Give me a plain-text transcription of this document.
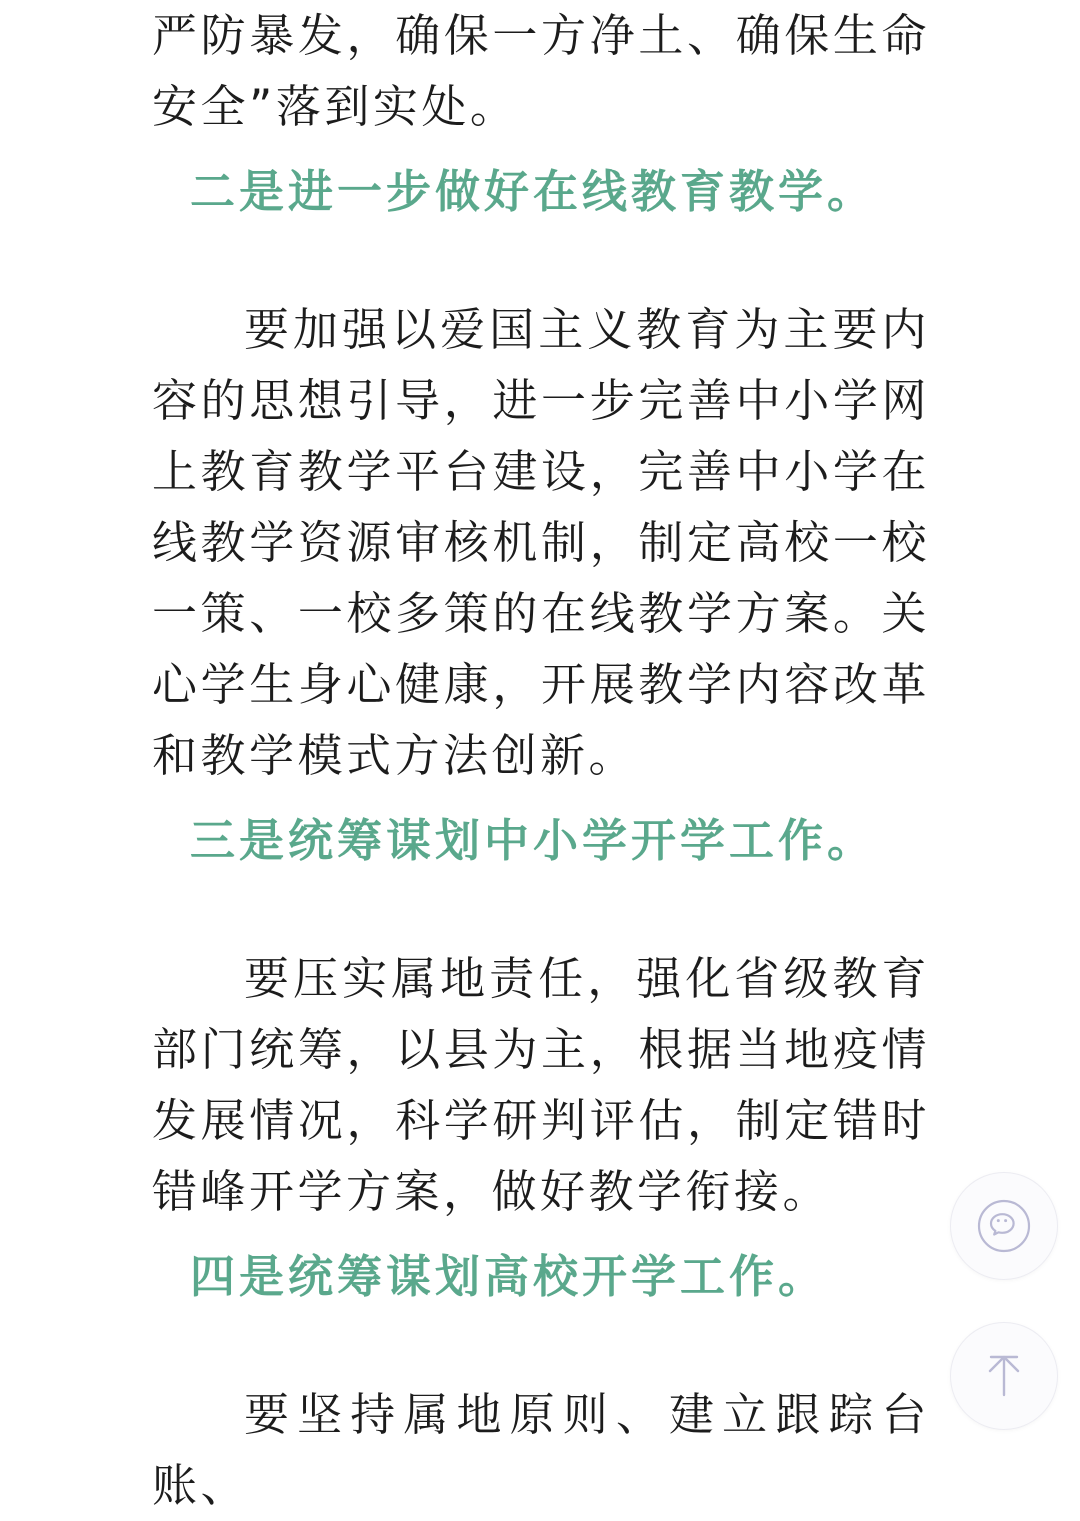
严防暴发，确保一方净土、确保生命安全”落到实处。

二是进一步做好在线教育教学。

要加强以爱国主义教育为主要内容的思想引导，进一步完善中小学网上教育教学平台建设，完善中小学在线教学资源审核机制，制定高校一校一策、一校多策的在线教学方案。关心学生身心健康，开展教学内容改革和教学模式方法创新。

三是统筹谋划中小学开学工作。

要压实属地责任，强化省级教育部门统筹，以县为主，根据当地疫情发展情况，科学研判评估，制定错时错峰开学方案，做好教学衔接。

四是统筹谋划高校开学工作。

要坚持属地原则、建立跟踪台账、
